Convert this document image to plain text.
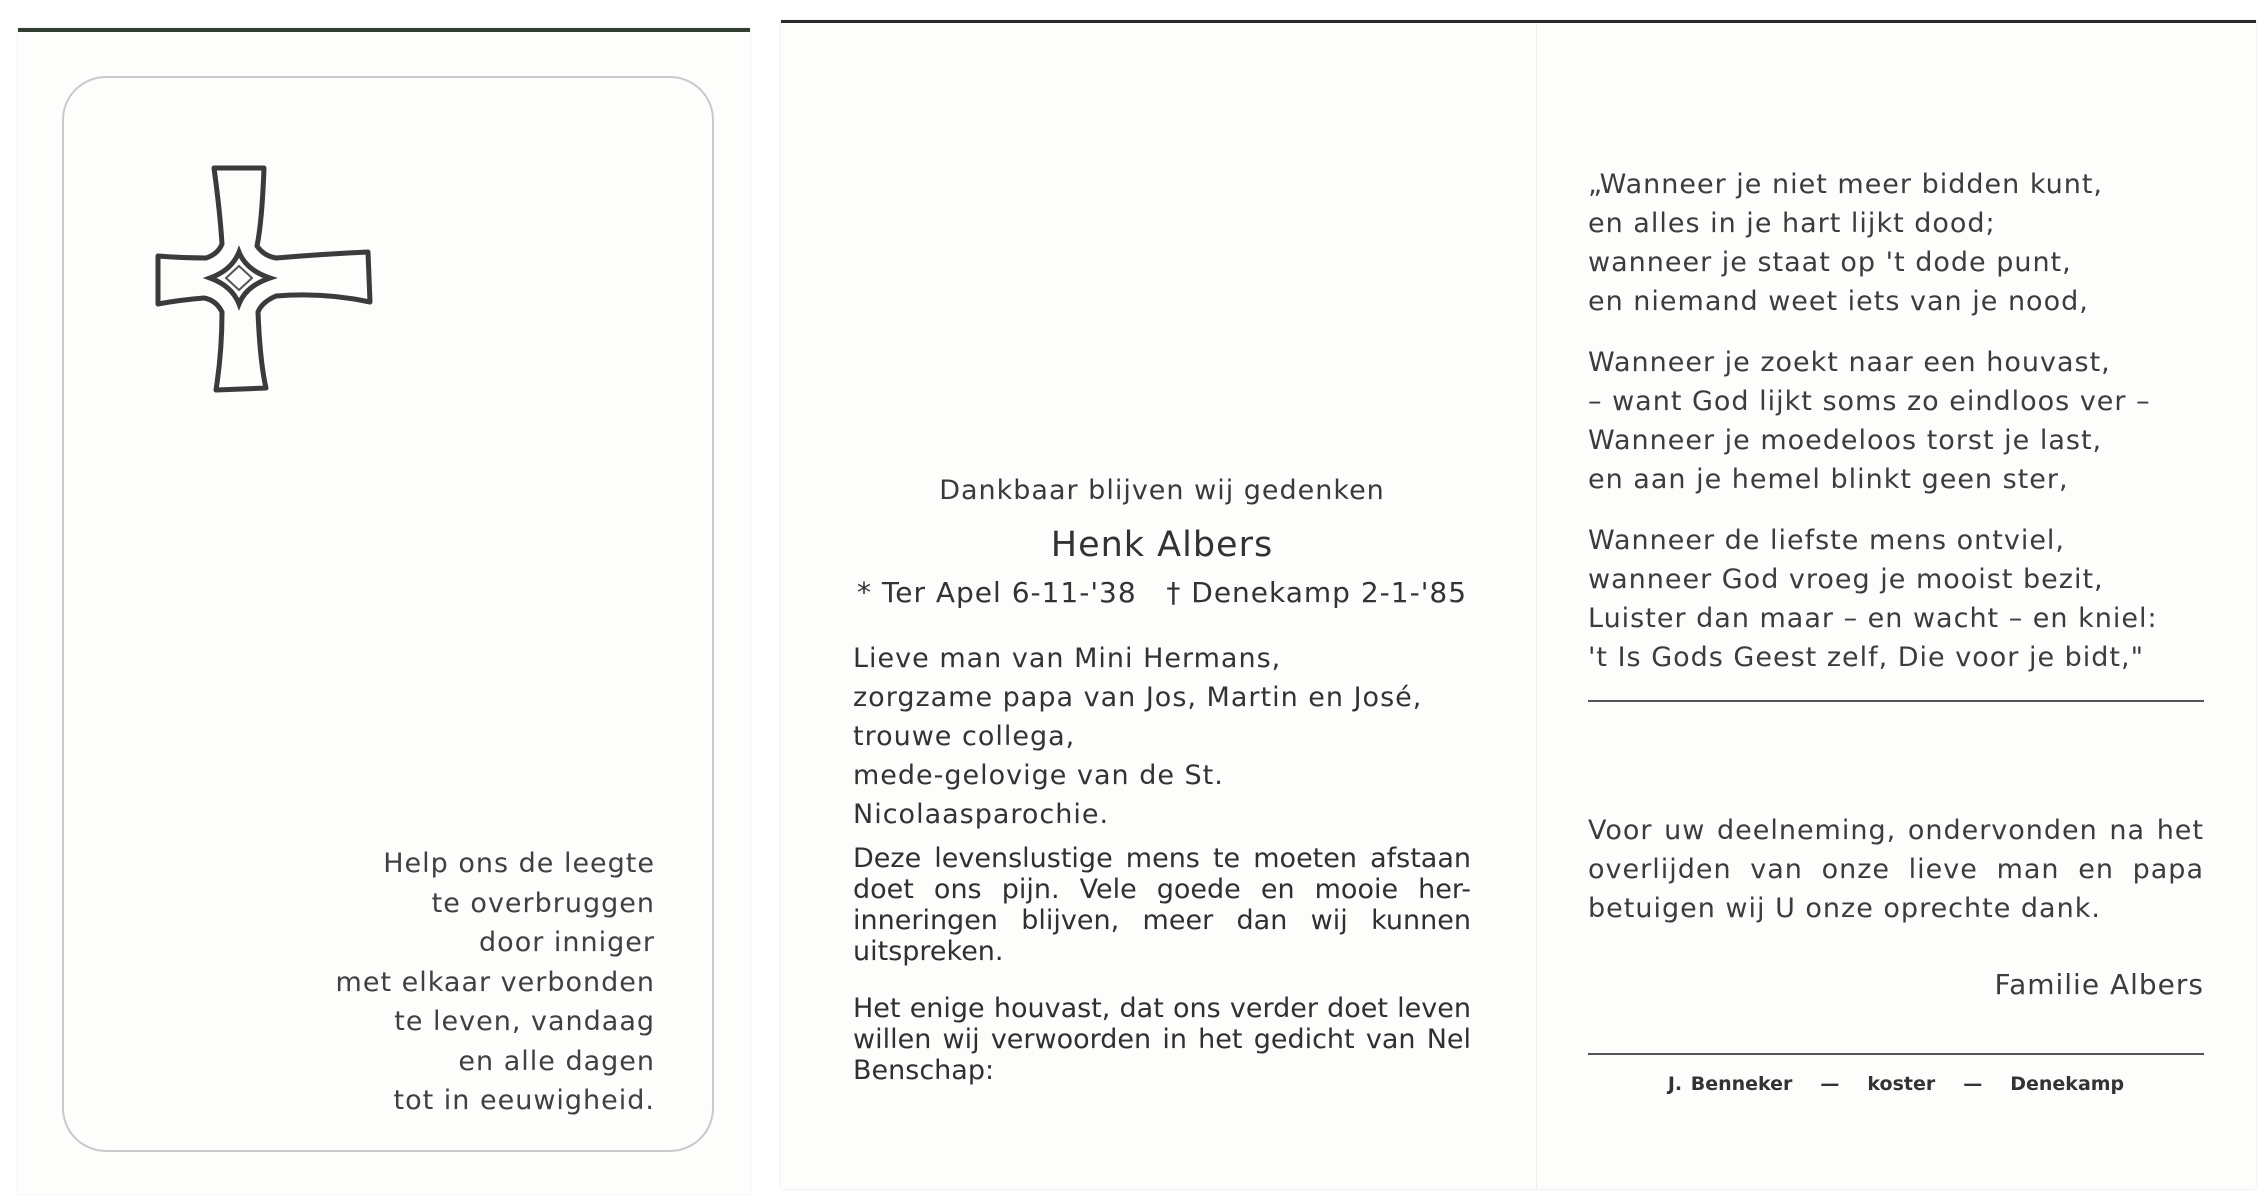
Help ons de leegte
te overbruggen
door inniger
met elkaar verbonden
te leven, vandaag
en alle dagen
tot in eeuwigheid.
Dankbaar blijven wij gedenken
Henk Albers
* Ter Apel 6-11-'38   † Denekamp 2-1-'85
Lieve man van Mini Hermans,
zorgzame papa van Jos, Martin en José,
trouwe collega,
mede-gelovige van de St. Nicolaasparochie.
Deze levenslustige mens te moeten afstaan doet ons pijn. Vele goede en mooie her-inneringen blijven, meer dan wij kunnen uitspreken.
Het enige houvast, dat ons verder doet leven willen wij verwoorden in het gedicht van Nel Benschap:
„Wanneer je niet meer bidden kunt,
en alles in je hart lijkt dood;
wanneer je staat op 't dode punt,
en niemand weet iets van je nood,
Wanneer je zoekt naar een houvast,
– want God lijkt soms zo eindloos ver –
Wanneer je moedeloos torst je last,
en aan je hemel blinkt geen ster,
Wanneer de liefste mens ontviel,
wanneer God vroeg je mooist bezit,
Luister dan maar – en wacht – en kniel:
't Is Gods Geest zelf, Die voor je bidt,"
Voor uw deelneming, ondervonden na het overlijden van onze lieve man en papa betuigen wij U onze oprechte dank.
Familie Albers
J. Benneker — koster — Denekamp
